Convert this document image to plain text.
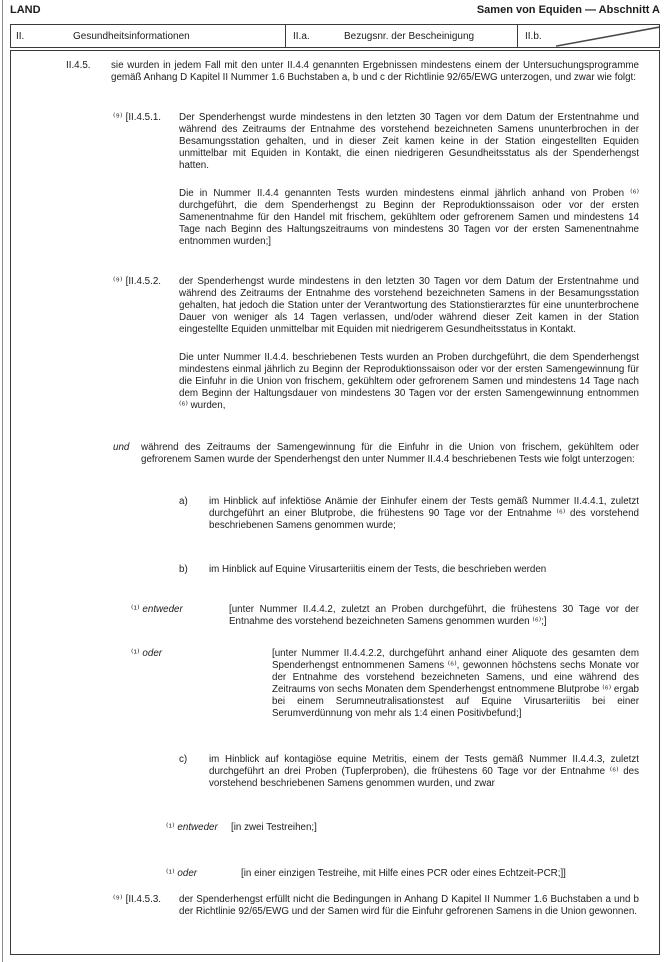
LAND	Samen von Equiden — Abschnitt A
II.	Gesundheitsinformationen	II.a.	Bezugsnr. der Bescheinigung	II.b.
II.4.5.	sie wurden in jedem Fall mit den unter II.4.4 genannten Ergebnissen mindestens einem der Untersuchungsprogramme gemäß Anhang D Kapitel II Nummer 1.6 Buchstaben a, b und c der Richtlinie 92/65/EWG unterzogen, und zwar wie folgt:

⁽⁹⁾ [II.4.5.1.	Der Spenderhengst wurde mindestens in den letzten 30 Tagen vor dem Datum der Erstentnahme und während des Zeitraums der Entnahme des vorstehend bezeichneten Samens ununterbrochen in der Besamungsstation gehalten, und in dieser Zeit kamen keine in der Station eingestellten Equiden unmittelbar mit Equiden in Kontakt, die einen niedrigeren Gesundheitsstatus als der Spenderhengst hatten.

Die in Nummer II.4.4 genannten Tests wurden mindestens einmal jährlich anhand von Proben ⁽⁶⁾ durchgeführt, die dem Spenderhengst zu Beginn der Reproduktionssaison oder vor der ersten Samenentnahme für den Handel mit frischem, gekühltem oder gefrorenem Samen und mindestens 14 Tage nach Beginn des Haltungszeitraums von mindestens 30 Tagen vor der ersten Samenentnahme entnommen wurden;]

⁽⁹⁾ [II.4.5.2.	der Spenderhengst wurde mindestens in den letzten 30 Tagen vor dem Datum der Erstentnahme und während des Zeitraums der Entnahme des vorstehend bezeichneten Samens in der Besamungsstation gehalten, hat jedoch die Station unter der Verantwortung des Stationstierarztes für eine ununterbrochene Dauer von weniger als 14 Tagen verlassen, und/oder während dieser Zeit kamen in der Station eingestellte Equiden unmittelbar mit Equiden mit niedrigerem Gesundheitsstatus in Kontakt.

Die unter Nummer II.4.4. beschriebenen Tests wurden an Proben durchgeführt, die dem Spenderhengst mindestens einmal jährlich zu Beginn der Reproduktionssaison oder vor der ersten Samengewinnung für die Einfuhr in die Union von frischem, gekühltem oder gefrorenem Samen und mindestens 14 Tage nach dem Beginn der Haltungsdauer von mindestens 30 Tagen vor der ersten Samengewinnung entnommen ⁽⁶⁾ wurden,

und	während des Zeitraums der Samengewinnung für die Einfuhr in die Union von frischem, gekühltem oder gefrorenem Samen wurde der Spenderhengst den unter Nummer II.4.4 beschriebenen Tests wie folgt unterzogen:

a)	im Hinblick auf infektiöse Anämie der Einhufer einem der Tests gemäß Nummer II.4.4.1, zuletzt durchgeführt an einer Blutprobe, die frühestens 90 Tage vor der Entnahme ⁽⁶⁾ des vorstehend beschriebenen Samens genommen wurde;

b)	im Hinblick auf Equine Virusarteriitis einem der Tests, die beschrieben werden

⁽¹⁾ entweder	[unter Nummer II.4.4.2, zuletzt an Proben durchgeführt, die frühestens 30 Tage vor der Entnahme des vorstehend bezeichneten Samens genommen wurden ⁽⁶⁾;]

⁽¹⁾ oder	[unter Nummer II.4.4.2.2, durchgeführt anhand einer Aliquote des gesamten dem Spenderhengst entnommenen Samens ⁽⁶⁾, gewonnen höchstens sechs Monate vor der Entnahme des vorstehend bezeichneten Samens, und eine während des Zeitraums von sechs Monaten dem Spenderhengst entnommene Blutprobe ⁽⁶⁾ ergab bei einem Serumneutralisationstest auf Equine Virusarteriitis bei einer Serumverdünnung von mehr als 1:4 einen Positivbefund;]

c)	im Hinblick auf kontagiöse equine Metritis, einem der Tests gemäß Nummer II.4.4.3, zuletzt durchgeführt an drei Proben (Tupferproben), die frühestens 60 Tage vor der Entnahme ⁽⁶⁾ des vorstehend beschriebenen Samens genommen wurden, und zwar

⁽¹⁾ entweder	[in zwei Testreihen;]

⁽¹⁾ oder	[in einer einzigen Testreihe, mit Hilfe eines PCR oder eines Echtzeit-PCR;]]

⁽⁹⁾ [II.4.5.3.	der Spenderhengst erfüllt nicht die Bedingungen in Anhang D Kapitel II Nummer 1.6 Buchstaben a und b der Richtlinie 92/65/EWG und der Samen wird für die Einfuhr gefrorenen Samens in die Union gewonnen.
